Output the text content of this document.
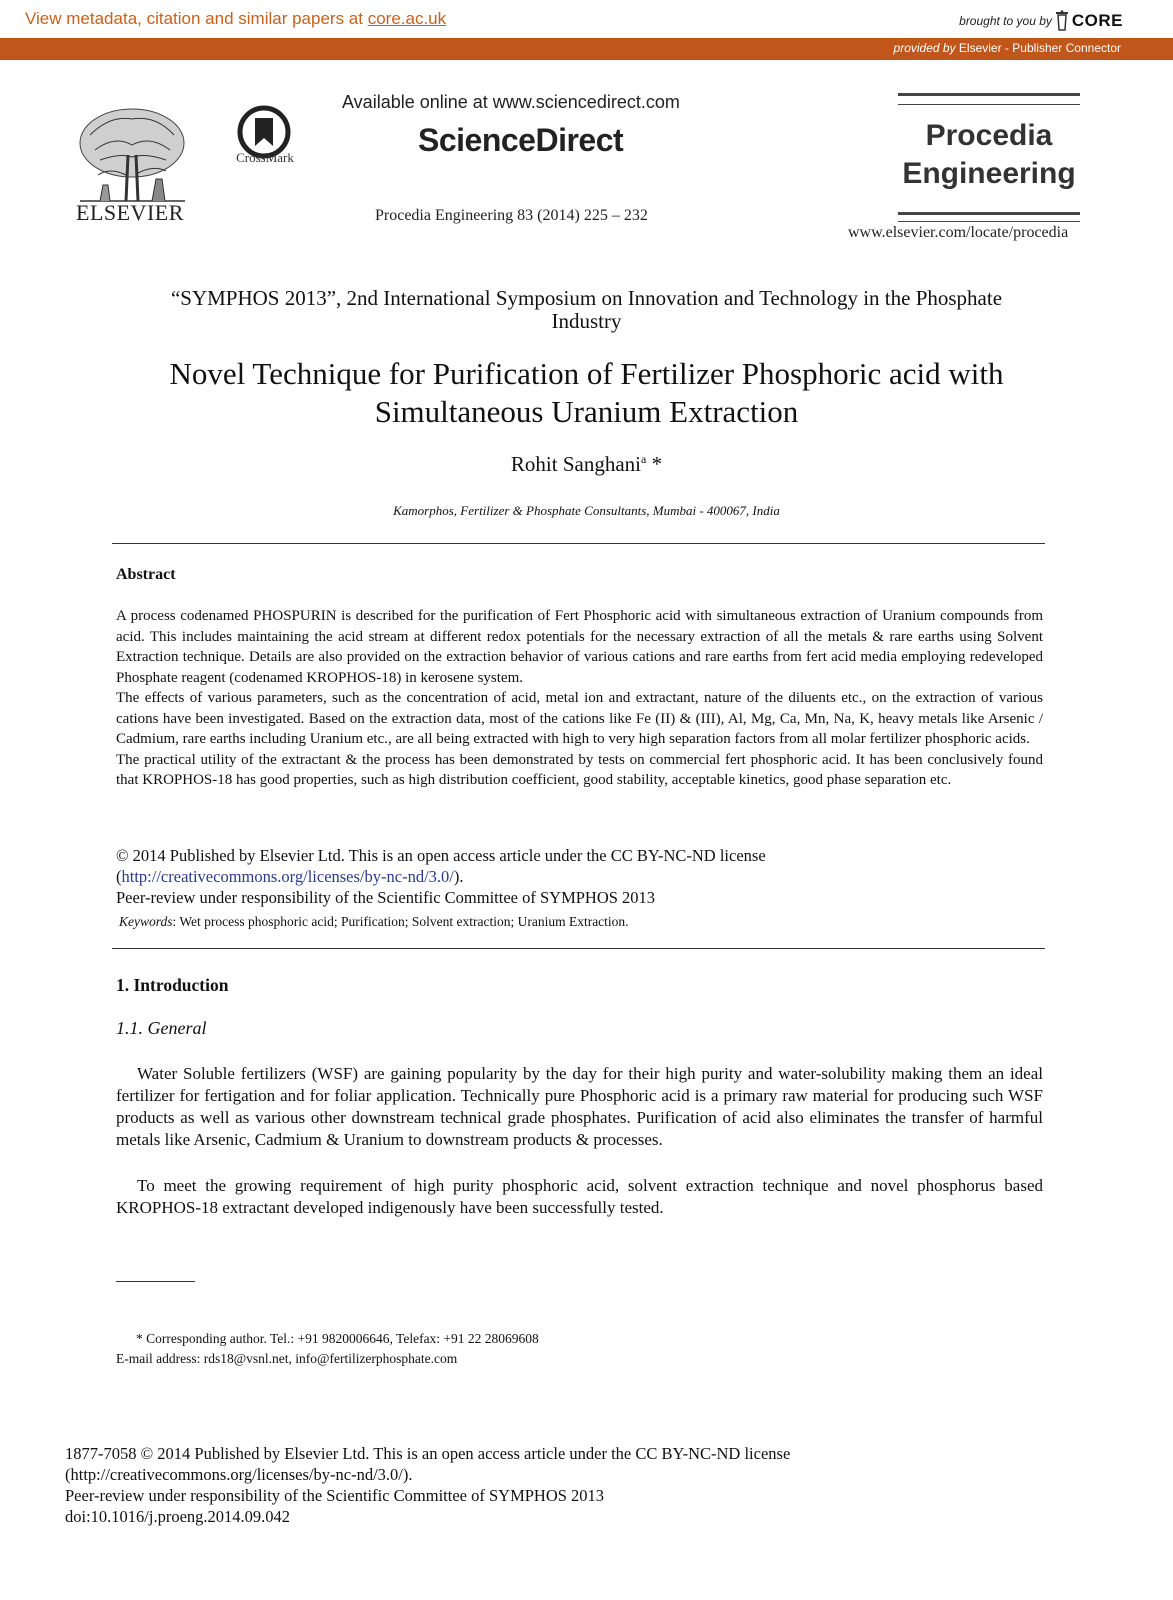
View metadata, citation and similar papers at core.ac.uk	brought to you by CORE
provided by Elsevier - Publisher Connector
ELSEVIER
CrossMark
Available online at www.sciencedirect.com
ScienceDirect
Procedia Engineering 83 (2014) 225 – 232
Procedia
Engineering
www.elsevier.com/locate/procedia
“SYMPHOS 2013”, 2nd International Symposium on Innovation and Technology in the Phosphate
Industry
Novel Technique for Purification of Fertilizer Phosphoric acid with
Simultaneous Uranium Extraction
Rohit Sanghani$^a$ *
Kamorphos, Fertilizer & Phosphate Consultants, Mumbai - 400067, India
Abstract

A process codenamed PHOSPURIN is described for the purification of Fert Phosphoric acid with simultaneous extraction of Uranium compounds from acid. This includes maintaining the acid stream at different redox potentials for the necessary extraction of all the metals & rare earths using Solvent Extraction technique. Details are also provided on the extraction behavior of various cations and rare earths from fert acid media employing redeveloped Phosphate reagent (codenamed KROPHOS-18) in kerosene system.

The effects of various parameters, such as the concentration of acid, metal ion and extractant, nature of the diluents etc., on the extraction of various cations have been investigated. Based on the extraction data, most of the cations like Fe (II) & (III), Al, Mg, Ca, Mn, Na, K, heavy metals like Arsenic / Cadmium, rare earths including Uranium etc., are all being extracted with high to very high separation factors from all molar fertilizer phosphoric acids.

The practical utility of the extractant & the process has been demonstrated by tests on commercial fert phosphoric acid. It has been conclusively found that KROPHOS-18 has good properties, such as high distribution coefficient, good stability, acceptable kinetics, good phase separation etc.

© 2014 Published by Elsevier Ltd. This is an open access article under the CC BY-NC-ND license
(http://creativecommons.org/licenses/by-nc-nd/3.0/).
Peer-review under responsibility of the Scientific Committee of SYMPHOS 2013
Keywords: Wet process phosphoric acid; Purification; Solvent extraction; Uranium Extraction.
1. Introduction
1.1. General
Water Soluble fertilizers (WSF) are gaining popularity by the day for their high purity and water-solubility making them an ideal fertilizer for fertigation and for foliar application. Technically pure Phosphoric acid is a primary raw material for producing such WSF products as well as various other downstream technical grade phosphates. Purification of acid also eliminates the transfer of harmful metals like Arsenic, Cadmium & Uranium to downstream products & processes.
To meet the growing requirement of high purity phosphoric acid, solvent extraction technique and novel phosphorus based KROPHOS-18 extractant developed indigenously have been successfully tested.
* Corresponding author. Tel.: +91 9820006646, Telefax: +91 22 28069608
E-mail address: rds18@vsnl.net, info@fertilizerphosphate.com
1877-7058 © 2014 Published by Elsevier Ltd. This is an open access article under the CC BY-NC-ND license
(http://creativecommons.org/licenses/by-nc-nd/3.0/).
Peer-review under responsibility of the Scientific Committee of SYMPHOS 2013
doi:10.1016/j.proeng.2014.09.042
